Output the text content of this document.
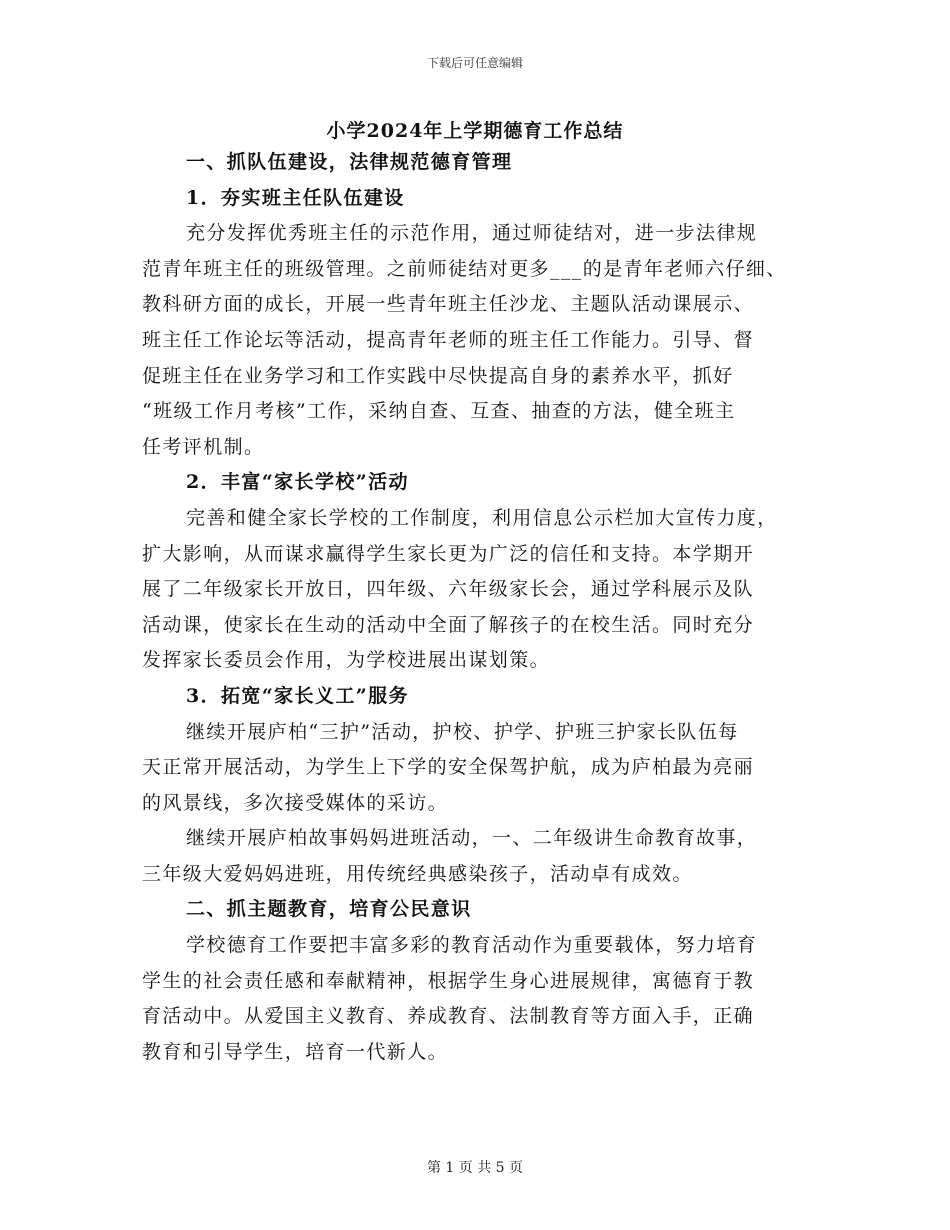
下载后可任意编辑
小学2024年上学期德育工作总结
一、抓队伍建设，法律规范德育管理
1．夯实班主任队伍建设
充分发挥优秀班主任的示范作用，通过师徒结对，进一步法律规
范青年班主任的班级管理。之前师徒结对更多___的是青年老师六仔细、
教科研方面的成长，开展一些青年班主任沙龙、主题队活动课展示、
班主任工作论坛等活动，提高青年老师的班主任工作能力。引导、督
促班主任在业务学习和工作实践中尽快提高自身的素养水平，抓好
“班级工作月考核”工作，采纳自查、互查、抽查的方法，健全班主
任考评机制。
2．丰富“家长学校”活动
完善和健全家长学校的工作制度，利用信息公示栏加大宣传力度，
扩大影响，从而谋求赢得学生家长更为广泛的信任和支持。本学期开
展了二年级家长开放日，四年级、六年级家长会，通过学科展示及队
活动课，使家长在生动的活动中全面了解孩子的在校生活。同时充分
发挥家长委员会作用，为学校进展出谋划策。
3．拓宽“家长义工”服务
继续开展庐柏“三护”活动，护校、护学、护班三护家长队伍每
天正常开展活动，为学生上下学的安全保驾护航，成为庐柏最为亮丽
的风景线，多次接受媒体的采访。
继续开展庐柏故事妈妈进班活动，一、二年级讲生命教育故事，
三年级大爱妈妈进班，用传统经典感染孩子，活动卓有成效。
二、抓主题教育，培育公民意识
学校德育工作要把丰富多彩的教育活动作为重要载体，努力培育
学生的社会责任感和奉献精神，根据学生身心进展规律，寓德育于教
育活动中。从爱国主义教育、养成教育、法制教育等方面入手，正确
教育和引导学生，培育一代新人。
第 1 页 共 5 页
